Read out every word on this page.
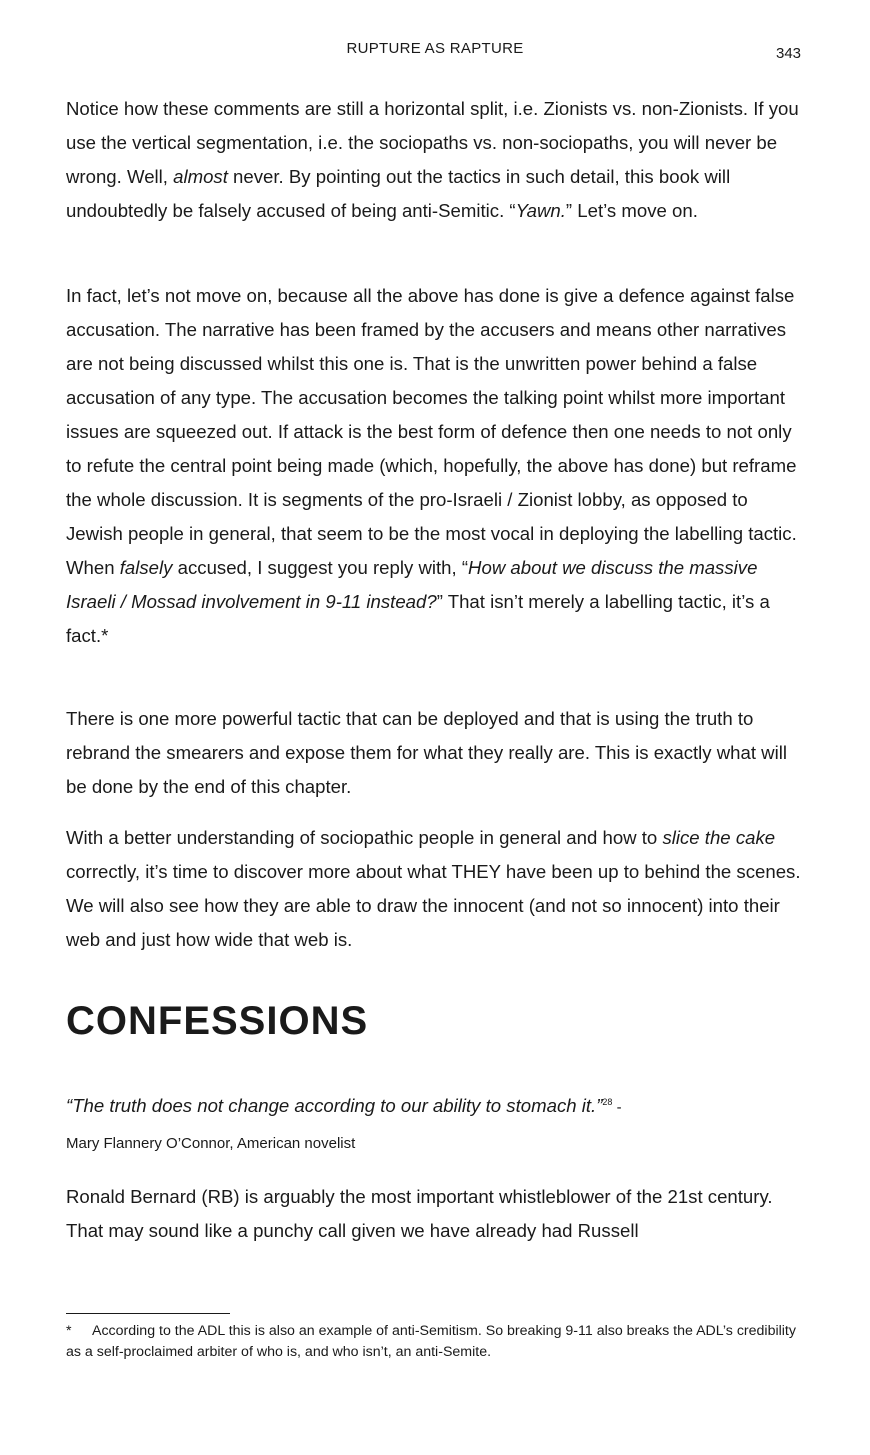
RUPTURE AS RAPTURE	343

Notice how these comments are still a horizontal split, i.e. Zionists vs. non-Zionists. If you use the vertical segmentation, i.e. the sociopaths vs. non-sociopaths, you will never be wrong. Well, almost never. By pointing out the tactics in such detail, this book will undoubtedly be falsely accused of being anti-Semitic. “Yawn.” Let’s move on.

In fact, let’s not move on, because all the above has done is give a defence against false accusation. The narrative has been framed by the accusers and means other narratives are not being discussed whilst this one is. That is the unwritten power behind a false accusation of any type. The accusation becomes the talking point whilst more important issues are squeezed out. If attack is the best form of defence then one needs to not only to refute the central point being made (which, hopefully, the above has done) but reframe the whole discussion. It is segments of the pro-Israeli / Zionist lobby, as opposed to Jewish people in general, that seem to be the most vocal in deploying the labelling tactic. When falsely accused, I suggest you reply with, “How about we discuss the massive Israeli / Mossad involvement in 9-11 instead?” That isn’t merely a labelling tactic, it’s a fact.*

There is one more powerful tactic that can be deployed and that is using the truth to rebrand the smearers and expose them for what they really are. This is exactly what will be done by the end of this chapter.

With a better understanding of sociopathic people in general and how to slice the cake correctly, it’s time to discover more about what THEY have been up to behind the scenes. We will also see how they are able to draw the innocent (and not so innocent) into their web and just how wide that web is.

CONFESSIONS

“The truth does not change according to our ability to stomach it.”$^{28}$ - Mary Flannery O’Connor, American novelist

Ronald Bernard (RB) is arguably the most important whistleblower of the 21st century. That may sound like a punchy call given we have already had Russell

* According to the ADL this is also an example of anti-Semitism. So breaking 9-11 also breaks the ADL’s credibility as a self-proclaimed arbiter of who is, and who isn’t, an anti-Semite.
